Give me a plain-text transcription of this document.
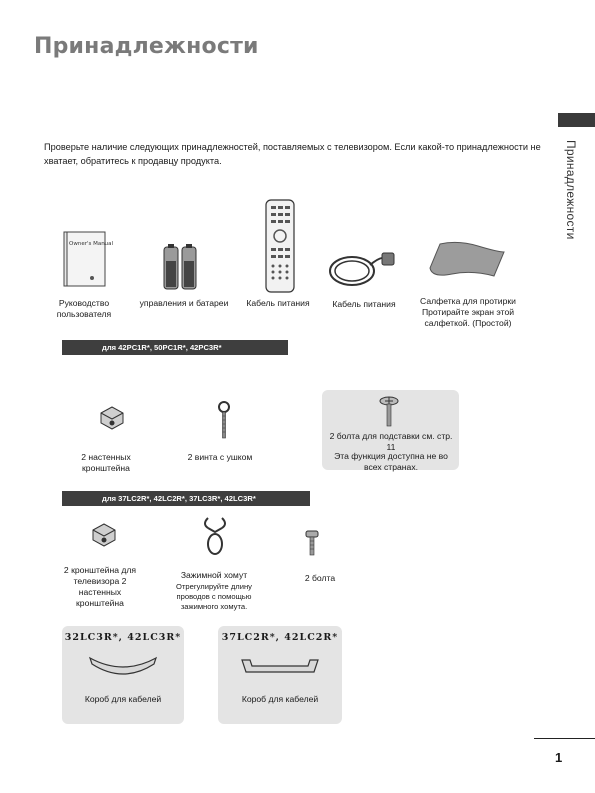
Принадлежности
Принадлежности
Проверьте наличие следующих принадлежностей, поставляемых с телевизором. Если какой-то принадлежности не хватает, обратитесь к продавцу продукта.
Owner's Manual
Руководство пользователя
управления и батареи	Кабель питания	Кабель питания	Салфетка для протирки Протирайте экран этой салфеткой. (Простой)
для 42PC1R*, 50PC1R*, 42PC3R*
2 настенных кронштейна
2 винта с ушком
2 болта для подставки см. стр. 11
Эта функция доступна не во всех странах.
для 37LC2R*, 42LC2R*, 37LC3R*, 42LC3R*
2 кронштейна для телевизора 2 настенных кронштейна
Зажимной хомут
Отрегулируйте длину проводов с помощью зажимного хомута.
2 болта
32LC3R*, 42LC3R*
Короб для кабелей
37LC2R*, 42LC2R*
Короб для кабелей
1
